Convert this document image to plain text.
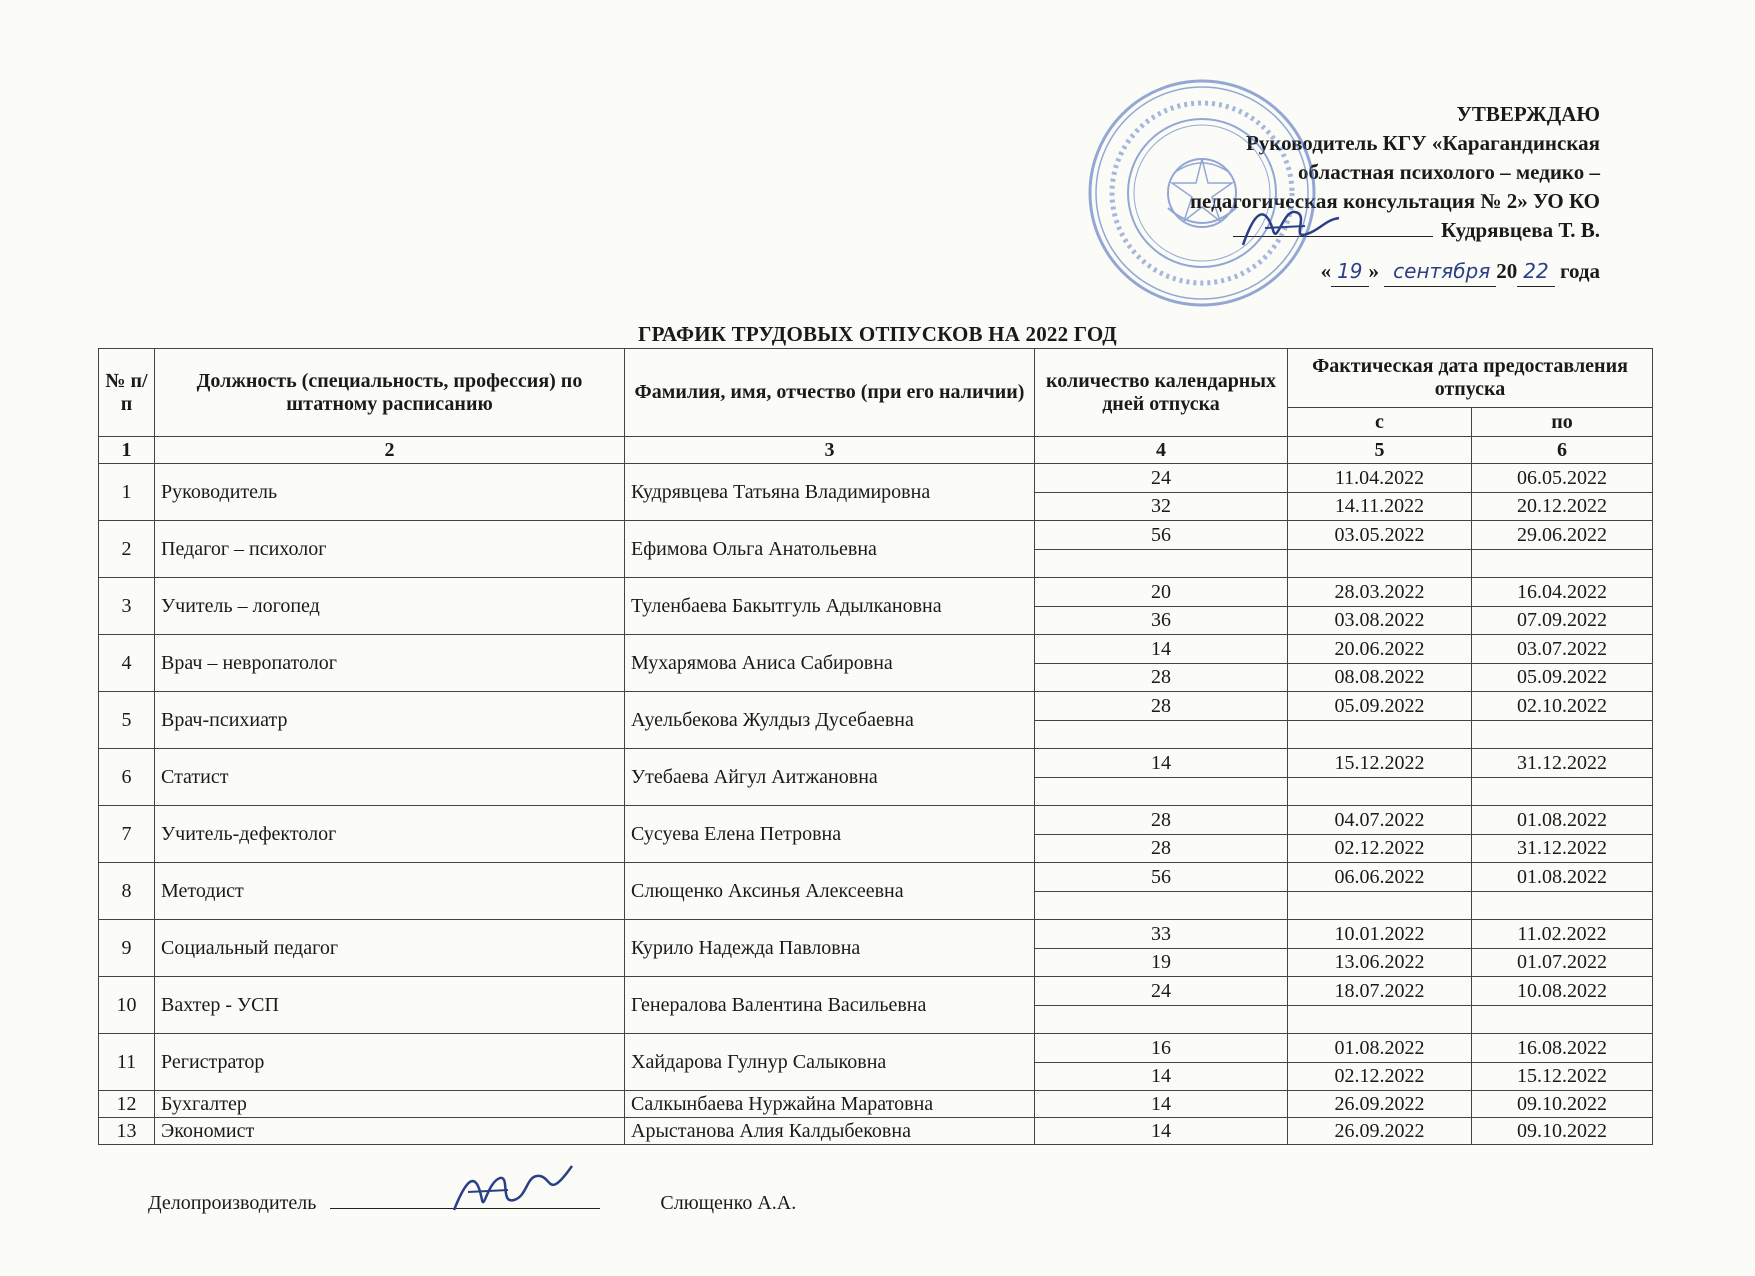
УТВЕРЖДАЮ
Руководитель КГУ «Карагандинская
областная психолого – медико –
педагогическая консультация № 2» УО КО
Кудрявцева Т. В.
« 19 » сентября 20 22 года
ГРАФИК ТРУДОВЫХ ОТПУСКОВ НА 2022 ГОД
№ п/п	Должность (специальность, профессия) по штатному расписанию	Фамилия, имя, отчество (при его наличии)	количество календарных дней отпуска	Фактическая дата предоставления отпуска	
				с	по
1	2	3	4	5	6
1	Руководитель	Кудрявцева Татьяна Владимировна	24	11.04.2022	06.05.2022
			32	14.11.2022	20.12.2022
2	Педагог – психолог	Ефимова Ольга Анатольевна	56	03.05.2022	29.06.2022

3	Учитель – логопед	Туленбаева Бакытгуль Адылкановна	20	28.03.2022	16.04.2022
			36	03.08.2022	07.09.2022
4	Врач – невропатолог	Мухарямова Аниса Сабировна	14	20.06.2022	03.07.2022
			28	08.08.2022	05.09.2022
5	Врач-психиатр	Ауельбекова Жулдыз Дусебаевна	28	05.09.2022	02.10.2022

6	Статист	Утебаева Айгул Аитжановна	14	15.12.2022	31.12.2022

7	Учитель-дефектолог	Сусуева Елена Петровна	28	04.07.2022	01.08.2022
			28	02.12.2022	31.12.2022
8	Методист	Слющенко Аксинья Алексеевна	56	06.06.2022	01.08.2022

9	Социальный педагог	Курило Надежда Павловна	33	10.01.2022	11.02.2022
			19	13.06.2022	01.07.2022
10	Вахтер - УСП	Генералова Валентина Васильевна	24	18.07.2022	10.08.2022

11	Регистратор	Хайдарова Гулнур Салыковна	16	01.08.2022	16.08.2022
			14	02.12.2022	15.12.2022
12	Бухгалтер	Салкынбаева Нуржайна Маратовна	14	26.09.2022	09.10.2022
13	Экономист	Арыстанова Алия Калдыбековна	14	26.09.2022	09.10.2022
Делопроизводитель	Слющенко А.А.
